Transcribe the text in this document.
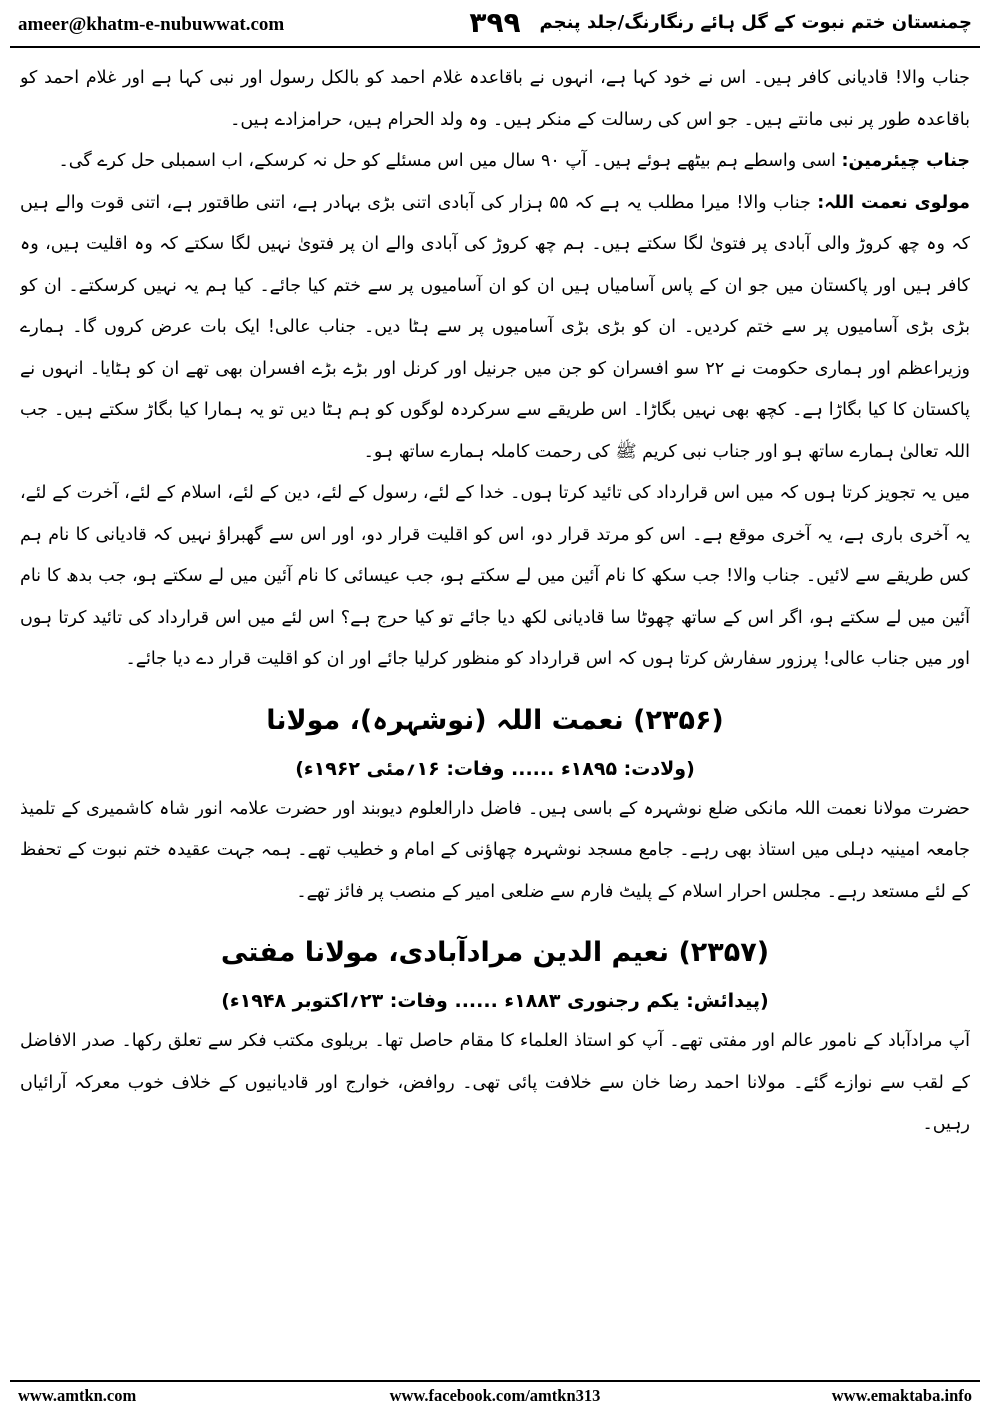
ameer@khatm-e-nubuwwat.com	۳۹۹	چمنستان ختم نبوت کے گل ہائے رنگارنگ/جلد پنجم

جناب والا! قادیانی کافر ہیں۔ اس نے خود کہا ہے، انہوں نے باقاعدہ غلام احمد کو بالکل رسول اور نبی کہا ہے اور غلام احمد کو باقاعدہ طور پر نبی مانتے ہیں۔ جو اس کی رسالت کے منکر ہیں۔ وہ ولد الحرام ہیں، حرامزادے ہیں۔

جناب چیئرمین: اسی واسطے ہم بیٹھے ہوئے ہیں۔ آپ ۹۰ سال میں اس مسئلے کو حل نہ کرسکے، اب اسمبلی حل کرے گی۔

مولوی نعمت اللہ: جناب والا! میرا مطلب یہ ہے کہ ۵۵ ہزار کی آبادی اتنی بڑی بہادر ہے، اتنی طاقتور ہے، اتنی قوت والے ہیں کہ وہ چھ کروڑ والی آبادی پر فتویٰ لگا سکتے ہیں۔ ہم چھ کروڑ کی آبادی والے ان پر فتویٰ نہیں لگا سکتے کہ وہ اقلیت ہیں، وہ کافر ہیں اور پاکستان میں جو ان کے پاس آسامیاں ہیں ان کو ان آسامیوں پر سے ختم کیا جائے۔ کیا ہم یہ نہیں کرسکتے۔ ان کو بڑی بڑی آسامیوں پر سے ختم کردیں۔ ان کو بڑی بڑی آسامیوں پر سے ہٹا دیں۔ جناب عالی! ایک بات عرض کروں گا۔ ہمارے وزیراعظم اور ہماری حکومت نے ۲۲ سو افسران کو جن میں جرنیل اور کرنل اور بڑے بڑے افسران بھی تھے ان کو ہٹایا۔ انہوں نے پاکستان کا کیا بگاڑا ہے۔ کچھ بھی نہیں بگاڑا۔ اس طریقے سے سرکردہ لوگوں کو ہم ہٹا دیں تو یہ ہمارا کیا بگاڑ سکتے ہیں۔ جب اللہ تعالیٰ ہمارے ساتھ ہو اور جناب نبی کریم ﷺ کی رحمت کاملہ ہمارے ساتھ ہو۔

میں یہ تجویز کرتا ہوں کہ میں اس قرارداد کی تائید کرتا ہوں۔ خدا کے لئے، رسول کے لئے، دین کے لئے، اسلام کے لئے، آخرت کے لئے، یہ آخری باری ہے، یہ آخری موقع ہے۔ اس کو مرتد قرار دو، اس کو اقلیت قرار دو، اور اس سے گھبراؤ نہیں کہ قادیانی کا نام ہم کس طریقے سے لائیں۔ جناب والا! جب سکھ کا نام آئین میں لے سکتے ہو، جب عیسائی کا نام آئین میں لے سکتے ہو، جب بدھ کا نام آئین میں لے سکتے ہو، اگر اس کے ساتھ چھوٹا سا قادیانی لکھ دیا جائے تو کیا حرج ہے؟ اس لئے میں اس قرارداد کی تائید کرتا ہوں اور میں جناب عالی! پرزور سفارش کرتا ہوں کہ اس قرارداد کو منظور کرلیا جائے اور ان کو اقلیت قرار دے دیا جائے۔

(۲۳۵۶) نعمت اللہ (نوشہرہ)، مولانا
(ولادت: ۱۸۹۵ء ...... وفات: ۱۶؍مئی ۱۹۶۲ء)

حضرت مولانا نعمت اللہ مانکی ضلع نوشہرہ کے باسی ہیں۔ فاضل دارالعلوم دیوبند اور حضرت علامہ انور شاہ کاشمیری کے تلمیذ جامعہ امینیہ دہلی میں استاذ بھی رہے۔ جامع مسجد نوشہرہ چھاؤنی کے امام و خطیب تھے۔ ہمہ جہت عقیدہ ختم نبوت کے تحفظ کے لئے مستعد رہے۔ مجلس احرار اسلام کے پلیٹ فارم سے ضلعی امیر کے منصب پر فائز تھے۔

(۲۳۵۷) نعیم الدین مرادآبادی، مولانا مفتی
(پیدائش: یکم رجنوری ۱۸۸۳ء ...... وفات: ۲۳؍اکتوبر ۱۹۴۸ء)

آپ مرادآباد کے نامور عالم اور مفتی تھے۔ آپ کو استاذ العلماء کا مقام حاصل تھا۔ بریلوی مکتب فکر سے تعلق رکھا۔ صدر الافاضل کے لقب سے نوازے گئے۔ مولانا احمد رضا خان سے خلافت پائی تھی۔ روافض، خوارج اور قادیانیوں کے خلاف خوب معرکہ آرائیاں رہیں۔

www.amtkn.com	www.facebook.com/amtkn313	www.emaktaba.info
